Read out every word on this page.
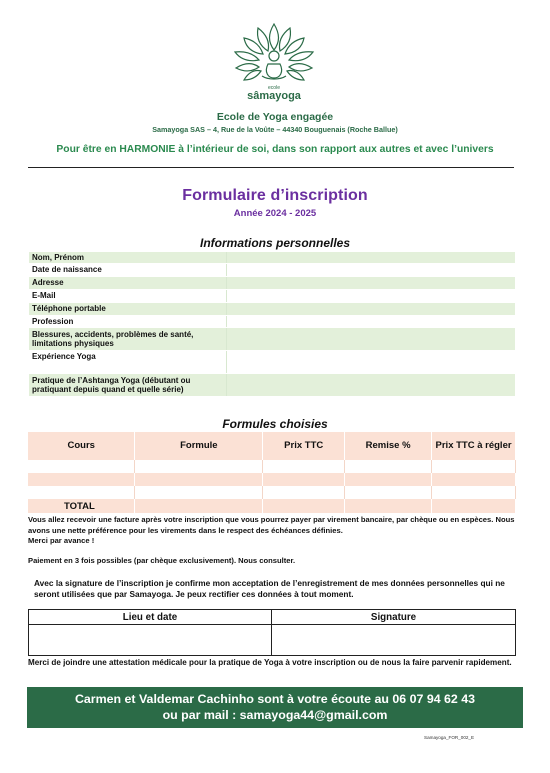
ecole
sâmayoga
Ecole de Yoga engagée
Samayoga SAS – 4, Rue de la Voûte – 44340 Bouguenais (Roche Ballue)
Pour être en HARMONIE à l’intérieur de soi, dans son rapport aux autres et avec l’univers
Formulaire d’inscription
Année 2024 - 2025
Informations personnelles
Nom, Prénom
Date de naissance
Adresse
E-Mail
Téléphone portable
Profession
Blessures, accidents, problèmes de santé, limitations physiques
Expérience Yoga
Pratique de l’Ashtanga Yoga (débutant ou pratiquant depuis quand et quelle série)
Formules choisies
Cours	Formule	Prix TTC	Remise %	Prix TTC à régler

TOTAL				
Vous allez recevoir une facture après votre inscription que vous pourrez payer par virement bancaire, par chèque ou en espèces. Nous avons une nette préférence pour les virements dans le respect des échéances définies.
Merci par avance !
Paiement en 3 fois possibles (par chèque exclusivement). Nous consulter.
Avec la signature de l’inscription je confirme mon acceptation de l’enregistrement de mes données personnelles qui ne seront utilisées que par Samayoga. Je peux rectifier ces données à tout moment.
Lieu et date	Signature

Merci de joindre une attestation médicale pour la pratique de Yoga à votre inscription ou de nous la faire parvenir rapidement.
Carmen et Valdemar Cachinho sont à votre écoute au 06 07 94 62 43
ou par mail : samayoga44@gmail.com
Samayoga_FOR_002_E
